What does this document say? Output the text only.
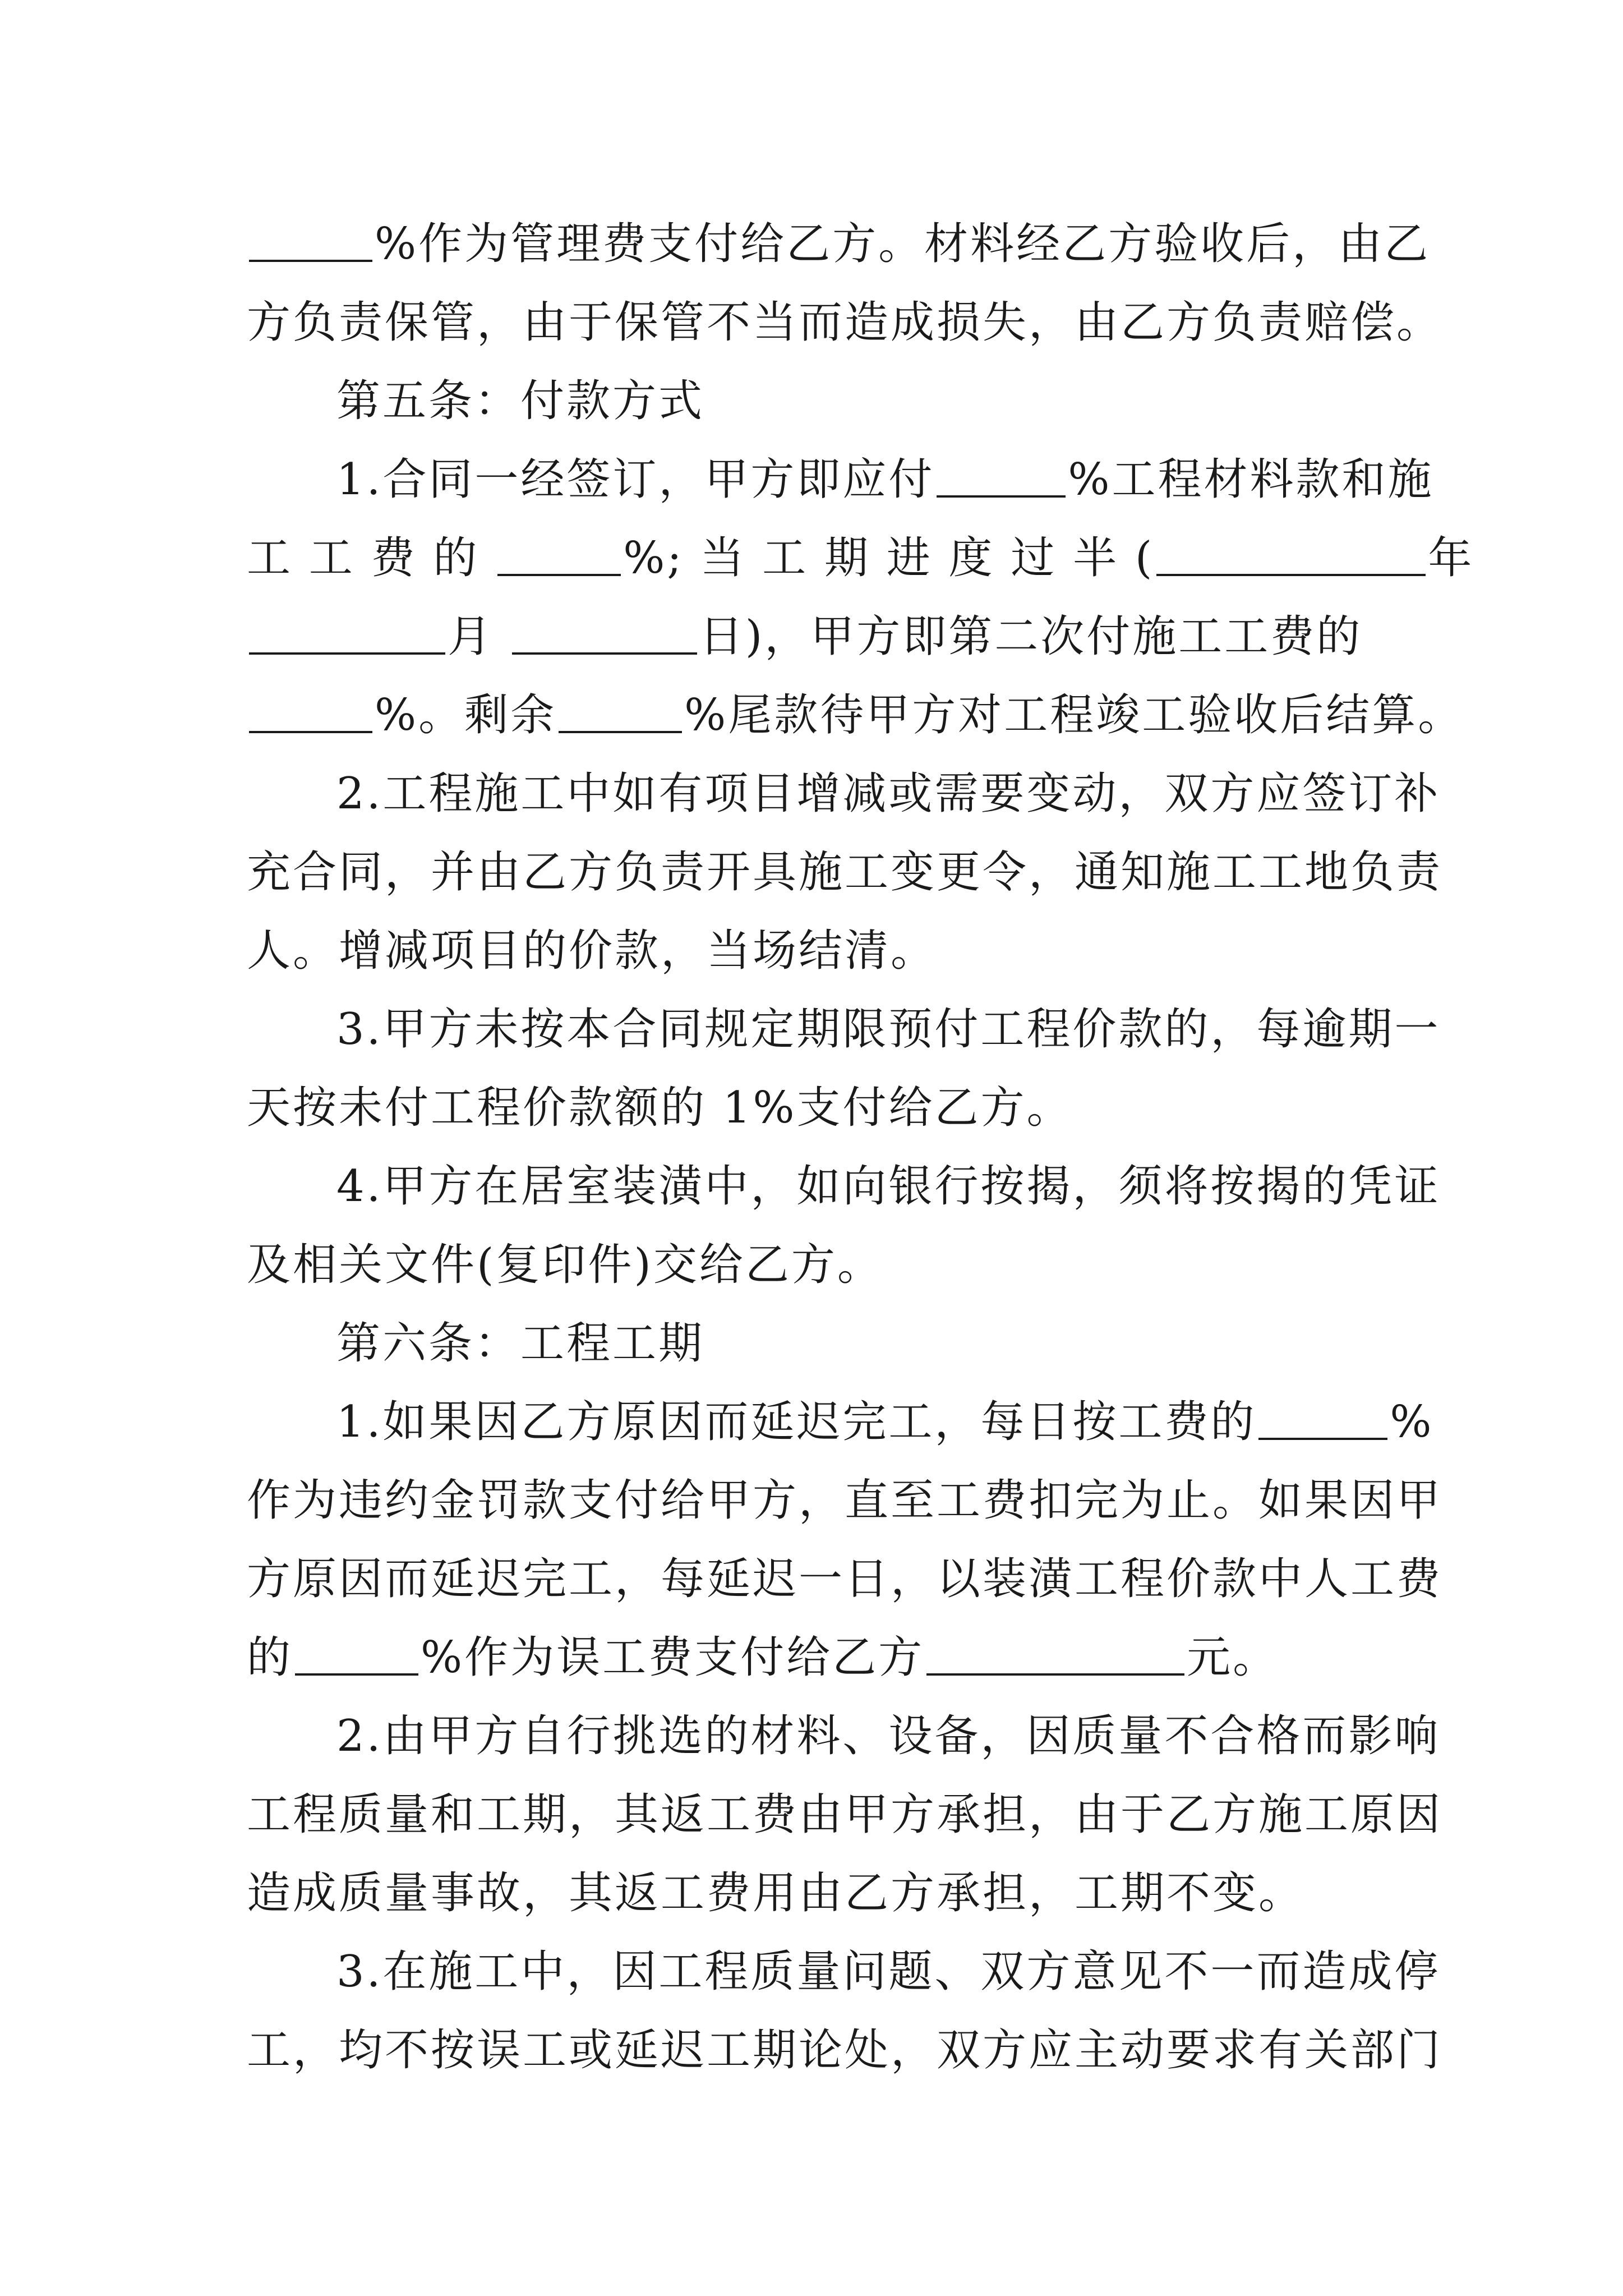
%作为管理费支付给乙方。材料经乙方验收后，由乙
方负责保管，由于保管不当而造成损失，由乙方负责赔偿。
第五条：付款方式
1.合同一经签订，甲方即应付	%工程材料款和施
工 工 费 的	%; 当 工 期 进 度 过 半 (	年
月	日)，甲方即第二次付施工工费的
%。剩余	%尾款待甲方对工程竣工验收后结算。
2.工程施工中如有项目增减或需要变动，双方应签订补
充合同，并由乙方负责开具施工变更令，通知施工工地负责
人。增减项目的价款，当场结清。
3.甲方未按本合同规定期限预付工程价款的，每逾期一
天按未付工程价款额的 1%支付给乙方。
4.甲方在居室装潢中，如向银行按揭，须将按揭的凭证
及相关文件(复印件)交给乙方。
第六条：工程工期
1.如果因乙方原因而延迟完工，每日按工费的	%
作为违约金罚款支付给甲方，直至工费扣完为止。如果因甲
方原因而延迟完工，每延迟一日，以装潢工程价款中人工费
的	%作为误工费支付给乙方	元。
2.由甲方自行挑选的材料、设备，因质量不合格而影响
工程质量和工期，其返工费由甲方承担，由于乙方施工原因
造成质量事故，其返工费用由乙方承担，工期不变。
3.在施工中，因工程质量问题、双方意见不一而造成停
工，均不按误工或延迟工期论处，双方应主动要求有关部门
